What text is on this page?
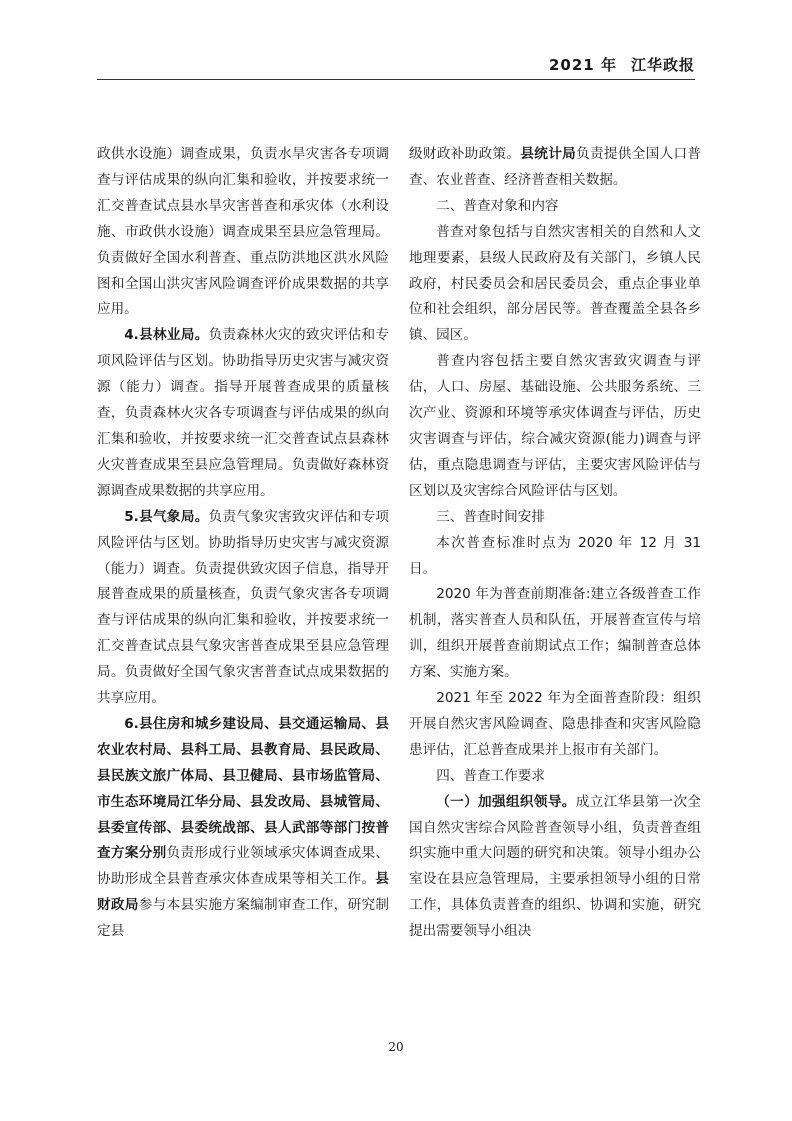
2021 年 江华政报

政供水设施）调查成果，负责水旱灾害各专项调查与评估成果的纵向汇集和验收，并按要求统一汇交普查试点县水旱灾害普查和承灾体（水利设施、市政供水设施）调查成果至县应急管理局。负责做好全国水利普查、重点防洪地区洪水风险图和全国山洪灾害风险调查评价成果数据的共享应用。

4.县林业局。负责森林火灾的致灾评估和专项风险评估与区划。协助指导历史灾害与减灾资源（能力）调查。指导开展普查成果的质量核查，负责森林火灾各专项调查与评估成果的纵向汇集和验收，并按要求统一汇交普查试点县森林火灾普查成果至县应急管理局。负责做好森林资源调查成果数据的共享应用。

5.县气象局。负责气象灾害致灾评估和专项风险评估与区划。协助指导历史灾害与减灾资源（能力）调查。负责提供致灾因子信息，指导开展普查成果的质量核查，负责气象灾害各专项调查与评估成果的纵向汇集和验收，并按要求统一汇交普查试点县气象灾害普查成果至县应急管理局。负责做好全国气象灾害普查试点成果数据的共享应用。

6.县住房和城乡建设局、县交通运输局、县农业农村局、县科工局、县教育局、县民政局、县民族文旅广体局、县卫健局、县市场监管局、市生态环境局江华分局、县发改局、县城管局、县委宣传部、县委统战部、县人武部等部门按普查方案分别负责形成行业领域承灾体调查成果、协助形成全县普查承灾体查成果等相关工作。县财政局参与本县实施方案编制审查工作，研究制定县

级财政补助政策。县统计局负责提供全国人口普查、农业普查、经济普查相关数据。

二、普查对象和内容

普查对象包括与自然灾害相关的自然和人文地理要素，县级人民政府及有关部门，乡镇人民政府，村民委员会和居民委员会，重点企事业单位和社会组织，部分居民等。普查覆盖全县各乡镇、园区。

普查内容包括主要自然灾害致灾调查与评估，人口、房屋、基础设施、公共服务系统、三次产业、资源和环境等承灾体调查与评估，历史灾害调查与评估，综合减灾资源(能力)调查与评估，重点隐患调查与评估，主要灾害风险评估与区划以及灾害综合风险评估与区划。

三、普查时间安排

本次普查标准时点为 2020 年 12 月 31 日。

2020 年为普查前期准备:建立各级普查工作机制，落实普查人员和队伍，开展普查宣传与培训，组织开展普查前期试点工作；编制普查总体方案、实施方案。

2021 年至 2022 年为全面普查阶段：组织开展自然灾害风险调查、隐患排查和灾害风险隐患评估，汇总普查成果并上报市有关部门。

四、普查工作要求

（一）加强组织领导。成立江华县第一次全国自然灾害综合风险普查领导小组，负责普查组织实施中重大问题的研究和决策。领导小组办公室设在县应急管理局，主要承担领导小组的日常工作，具体负责普查的组织、协调和实施，研究提出需要领导小组决

20
